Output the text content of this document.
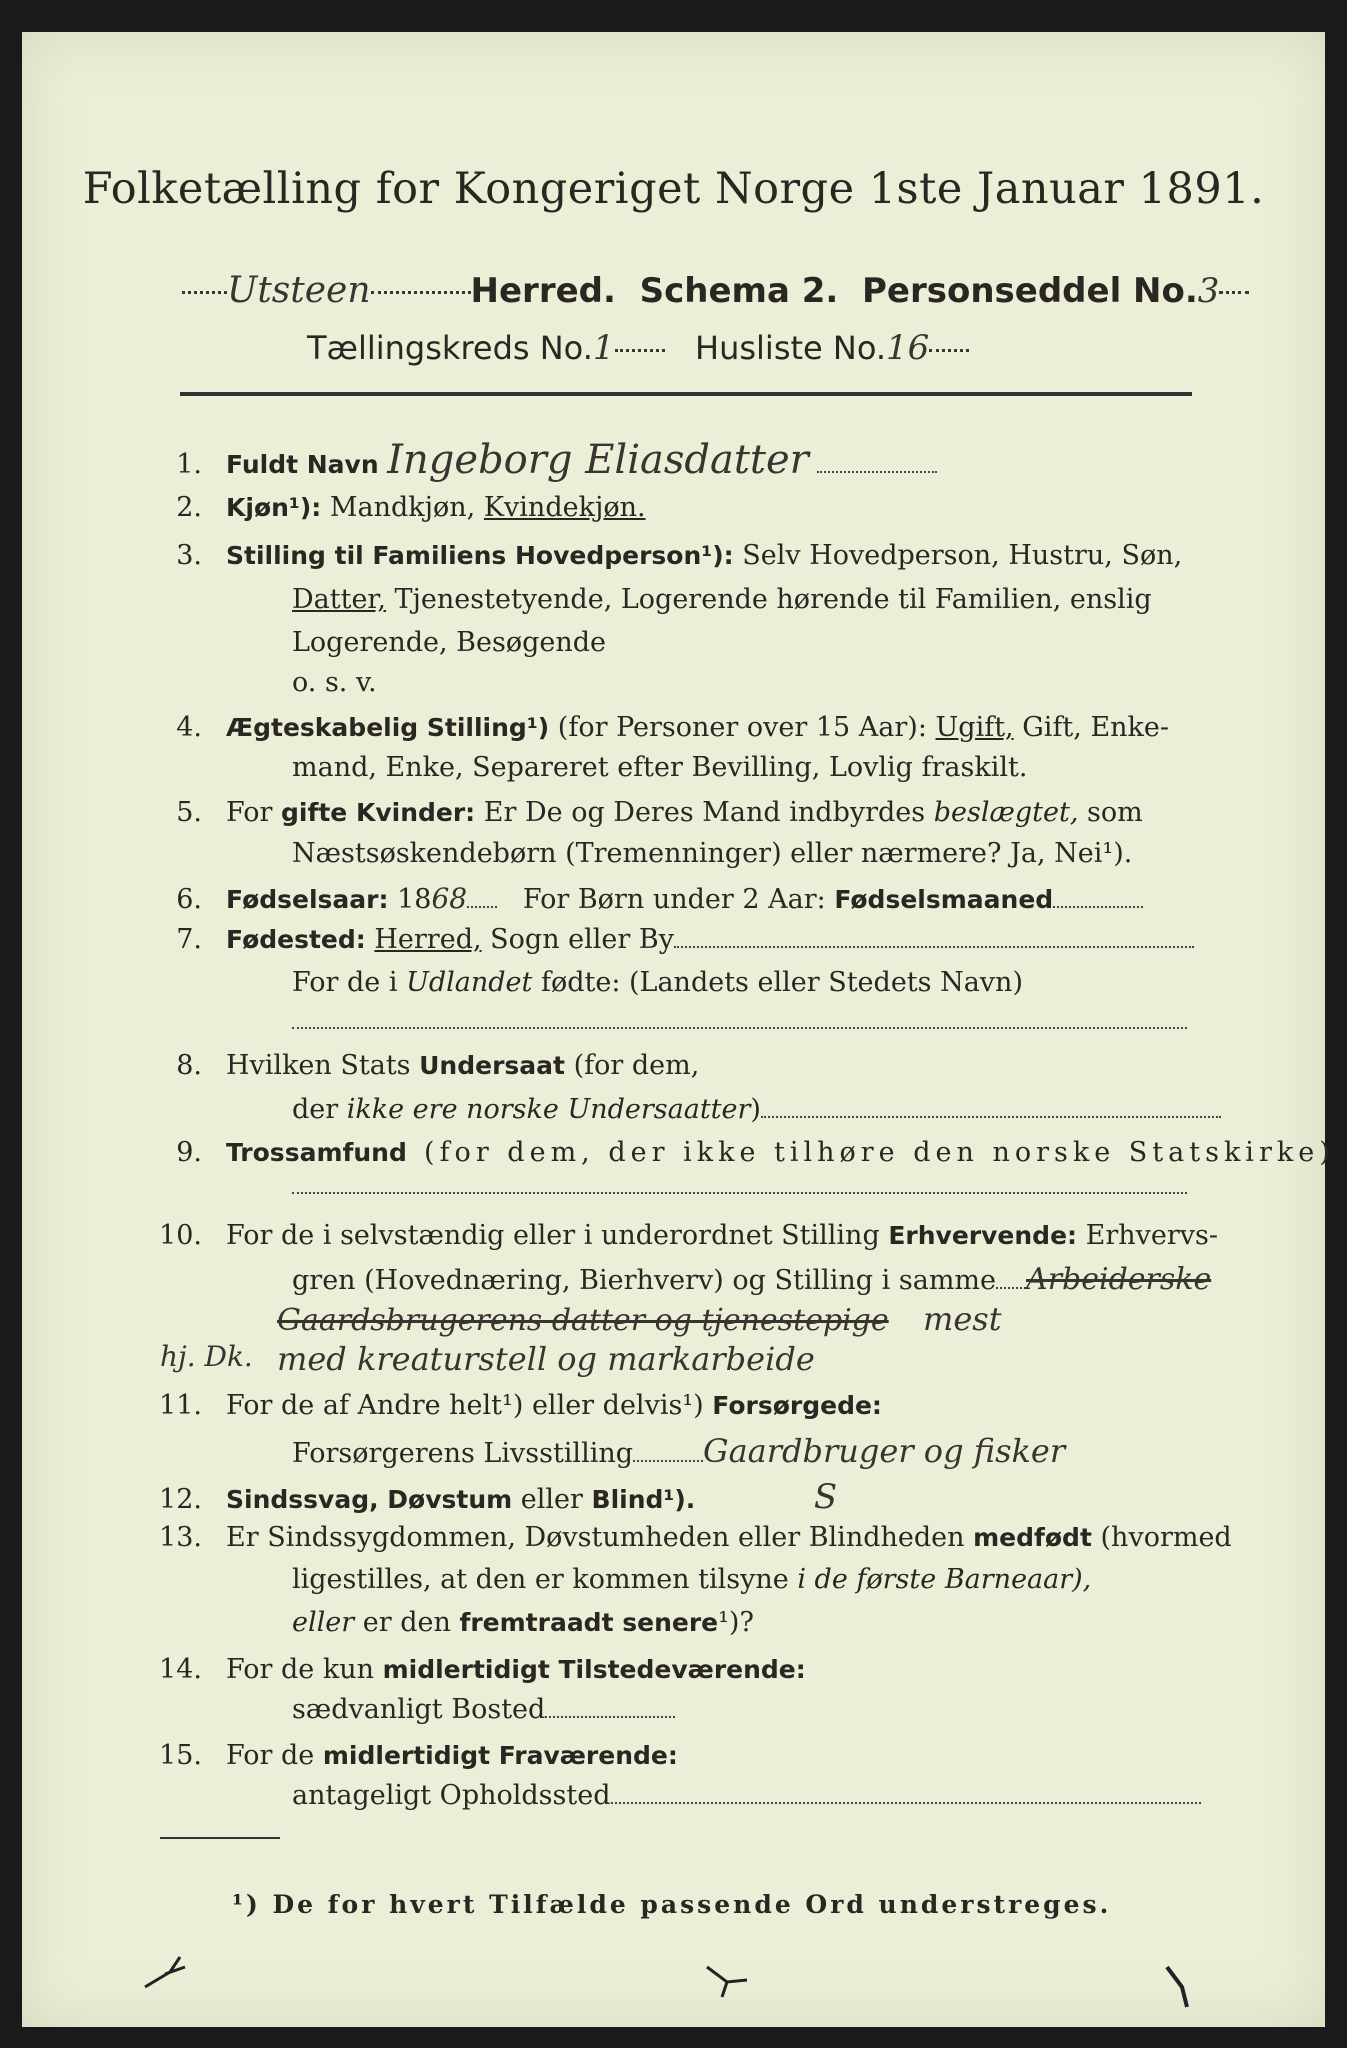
Folketælling for Kongeriget Norge 1ste Januar 1891.
Utsteen	Herred. Schema 2. Personseddel No.3
Tællingskreds No.1	Husliste No.16
1. Fuldt Navn Ingeborg Eliasdatter
2. Kjøn¹): Mandkjøn, Kvindekjøn.
3. Stilling til Familiens Hovedperson¹): Selv Hovedperson, Hustru, Søn,
Datter, Tjenestetyende, Logerende hørende til Familien, enslig
Logerende, Besøgende
o. s. v.
4. Ægteskabelig Stilling¹) (for Personer over 15 Aar): Ugift, Gift, Enke-
mand, Enke, Separeret efter Bevilling, Lovlig fraskilt.
5. For gifte Kvinder: Er De og Deres Mand indbyrdes beslægtet, som
Næstsøskendebørn (Tremenninger) eller nærmere? Ja, Nei¹).
6. Fødselsaar: 1868 For Børn under 2 Aar: Fødselsmaaned
7. Fødested: Herred, Sogn eller By
For de i Udlandet fødte: (Landets eller Stedets Navn)
8. Hvilken Stats Undersaat (for dem,
der ikke ere norske Undersaatter)
9. Trossamfund (for dem, der ikke tilhøre den norske Statskirke)
10. For de i selvstændig eller i underordnet Stilling Erhvervende: Erhvervs-
gren (Hovednæring, Bierhverv) og Stilling i samme Arbeiderske
Gaardsbrugerens datter og tjenestepige mest
hj. Dk. med kreaturstell og markarbeide
11. For de af Andre helt¹) eller delvis¹) Forsørgede:
Forsørgerens Livsstilling Gaardbruger og fisker
12. Sindssvag, Døvstum eller Blind¹).	S
13. Er Sindssygdommen, Døvstumheden eller Blindheden medfødt (hvormed
ligestilles, at den er kommen tilsyne i de første Barneaar),
eller er den fremtraadt senere¹)?
14. For de kun midlertidigt Tilstedeværende:
sædvanligt Bosted
15. For de midlertidigt Fraværende:
antageligt Opholdssted
¹) De for hvert Tilfælde passende Ord understreges.
